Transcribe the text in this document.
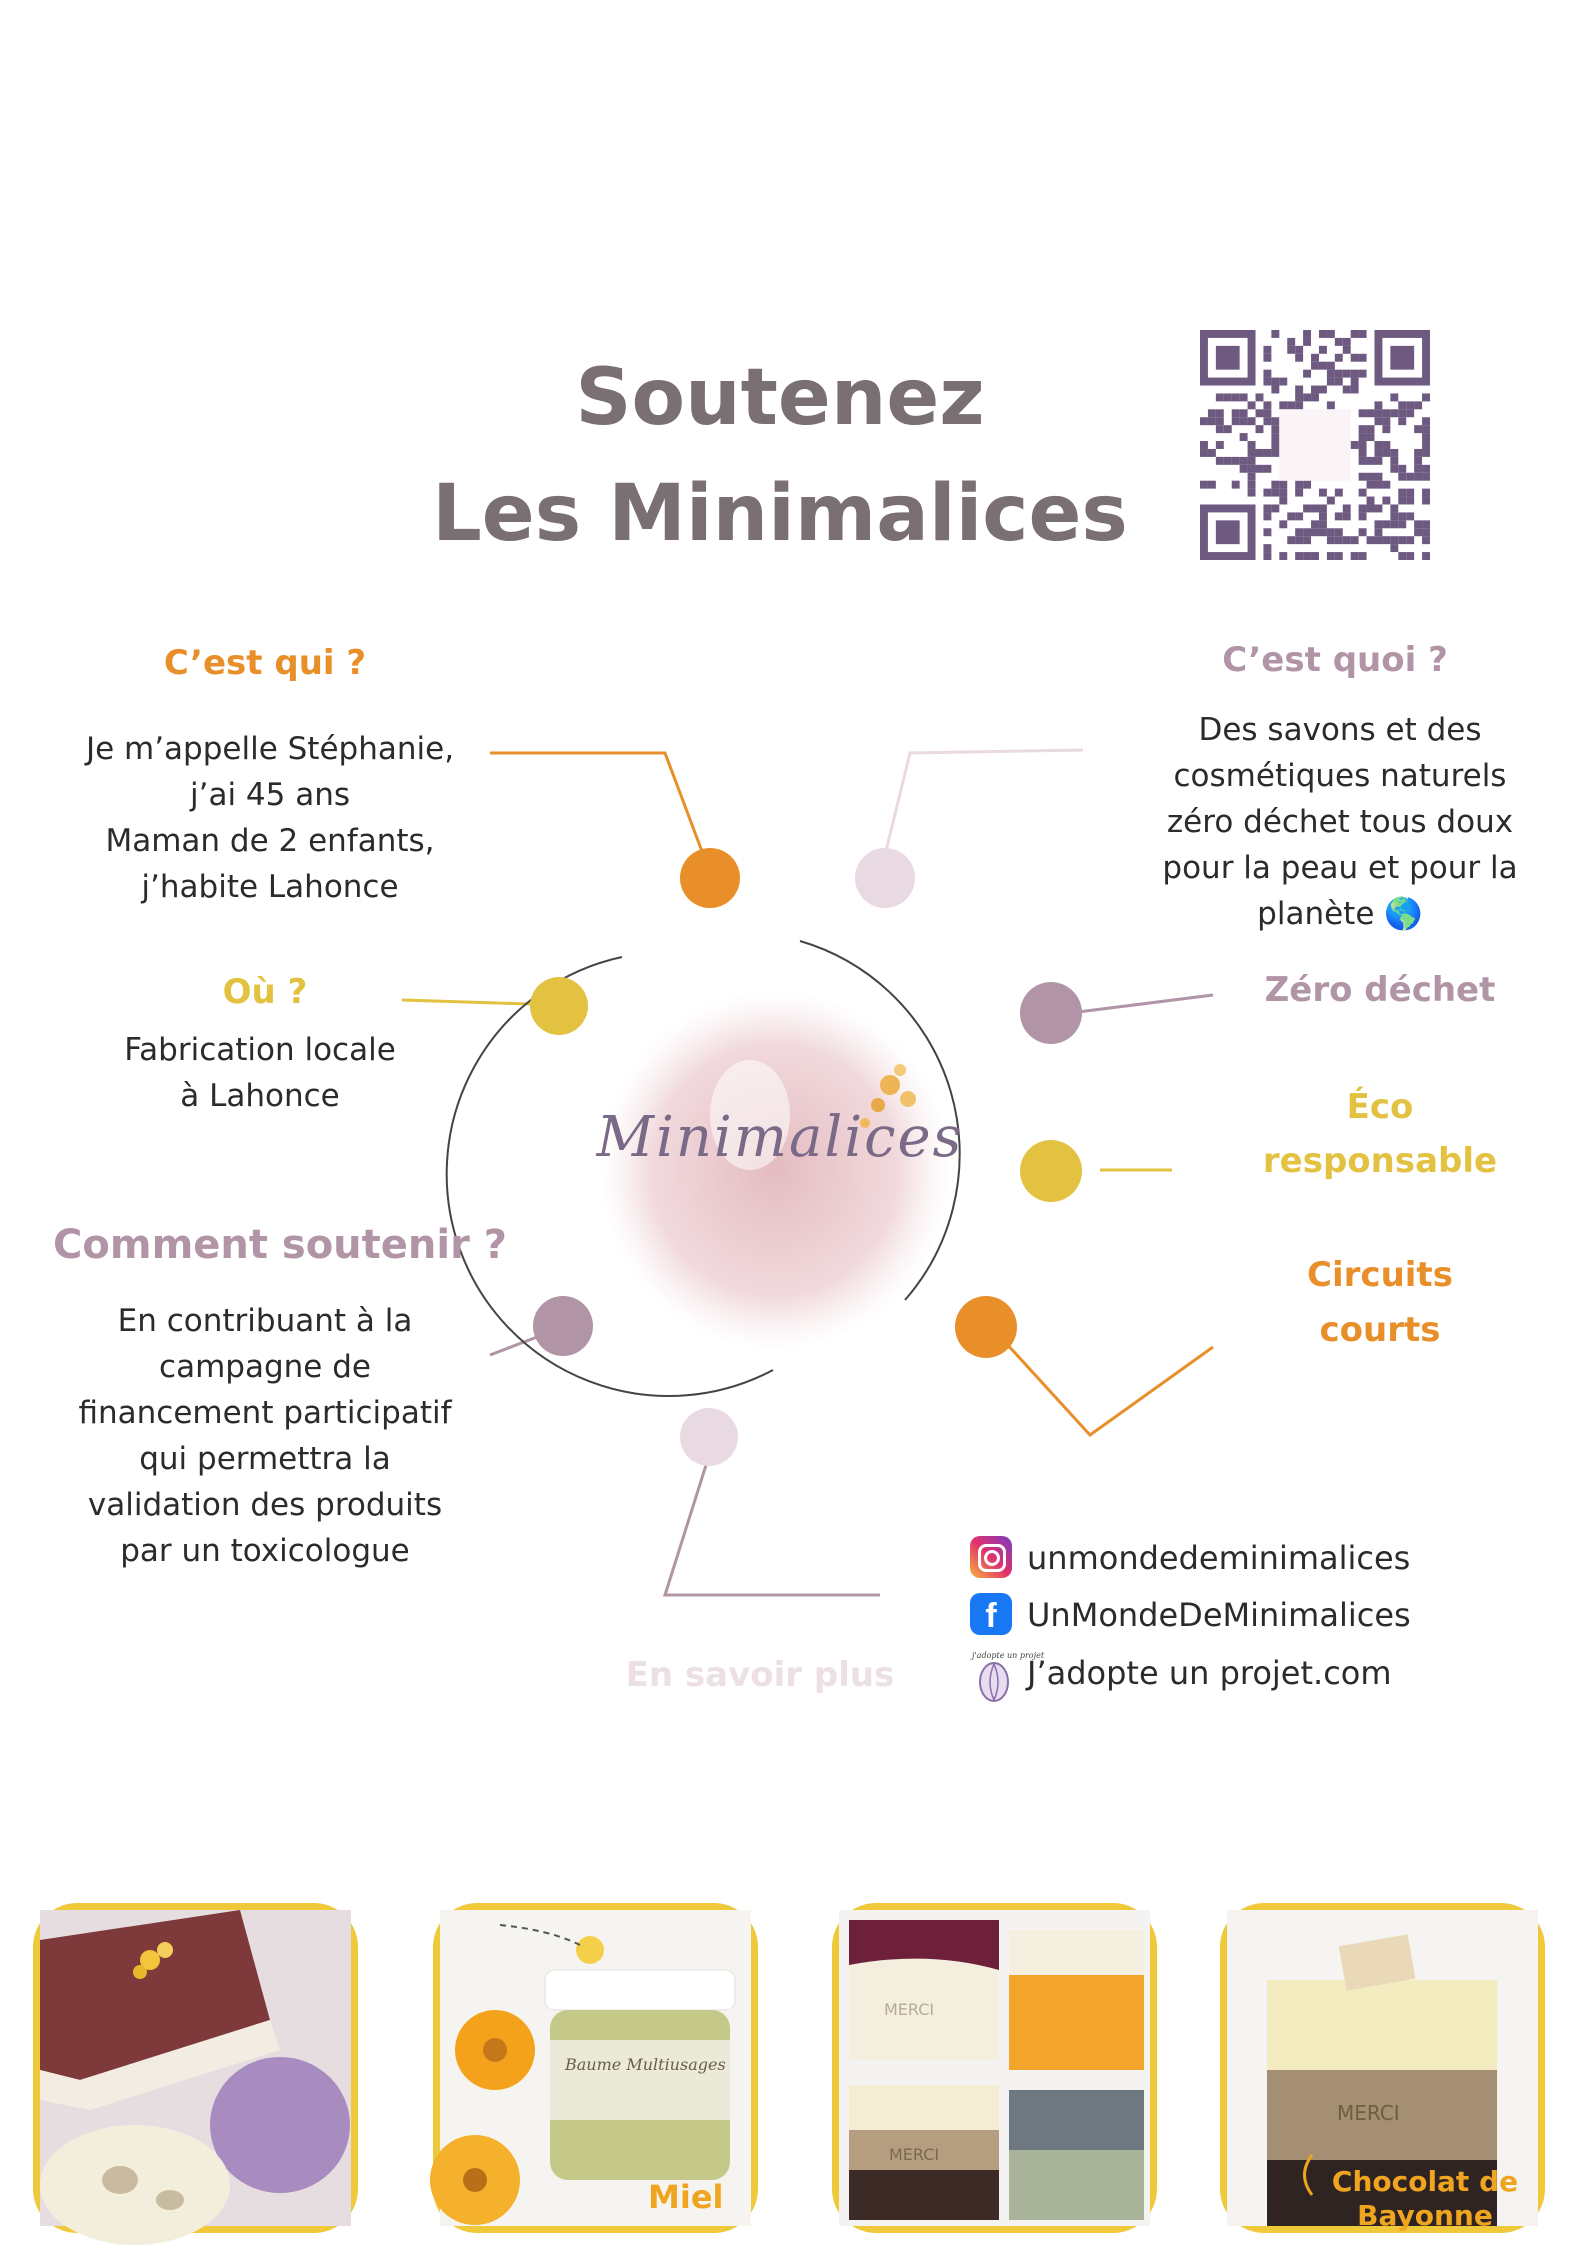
Soutenez
Les Minimalices
Minimalices
C’est qui ?
Je m’appelle Stéphanie,
j’ai 45 ans
Maman de 2 enfants,
j’habite Lahonce
C’est quoi ?
Des savons et des
cosmétiques naturels
zéro déchet tous doux
pour la peau et pour la
planète 🌎
Où ?
Fabrication locale
à Lahonce
Zéro déchet
Éco
responsable
Comment soutenir ?
En contribuant à la
campagne de
financement participatif
qui permettra la
validation des produits
par un toxicologue
Circuits
courts
En savoir plus
unmondedeminimalices
f UnMondeDeMinimalices
j'adopte un projet
J’adopte un projet.com
Baume Multiusages
Miel
MERCI
MERCI
MERCI
Chocolat de
Bayonne
